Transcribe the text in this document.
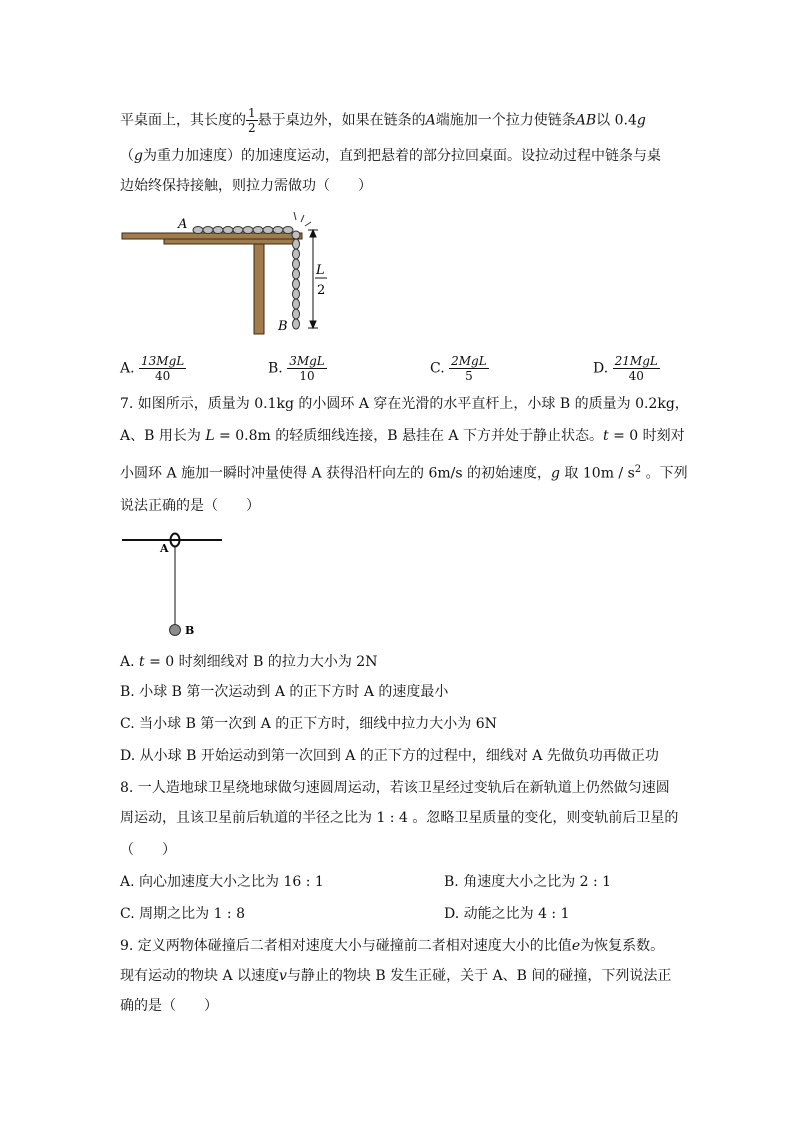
平桌面上，其长度的 $\frac{1}{2}$ 悬于桌边外，如果在链条的A端施加一个拉力使链条AB以 0.4g
（g为重力加速度）的加速度运动，直到把悬着的部分拉回桌面。设拉动过程中链条与桌
边始终保持接触，则拉力需做功（　　）
A
B
L
2
A. $\frac{\text{13MgL}}{40}$	B. $\frac{\text{3MgL}}{10}$	C. $\frac{\text{2MgL}}{5}$	D. $\frac{\text{21MgL}}{40}$
7. 如图所示，质量为 0.1kg 的小圆环 A 穿在光滑的水平直杆上，小球 B 的质量为 0.2kg，
A、B 用长为 L = 0.8m 的轻质细线连接，B 悬挂在 A 下方并处于静止状态。t = 0 时刻对
小圆环 A 施加一瞬时冲量使得 A 获得沿杆向左的 6m/s 的初始速度，g 取 $10m / s^2$ 。下列
说法正确的是（　　）
A
B
A. t = 0 时刻细线对 B 的拉力大小为 2N
B. 小球 B 第一次运动到 A 的正下方时 A 的速度最小
C. 当小球 B 第一次到 A 的正下方时，细线中拉力大小为 6N
D. 从小球 B 开始运动到第一次回到 A 的正下方的过程中，细线对 A 先做负功再做正功
8. 一人造地球卫星绕地球做匀速圆周运动，若该卫星经过变轨后在新轨道上仍然做匀速圆
周运动，且该卫星前后轨道的半径之比为 1 : 4 。忽略卫星质量的变化，则变轨前后卫星的
（　　）
A. 向心加速度大小之比为 16 : 1	B. 角速度大小之比为 2 : 1
C. 周期之比为 1 : 8	D. 动能之比为 4 : 1
9. 定义两物体碰撞后二者相对速度大小与碰撞前二者相对速度大小的比值e为恢复系数。
现有运动的物块 A 以速度v与静止的物块 B 发生正碰，关于 A、B 间的碰撞，下列说法正
确的是（　　）
